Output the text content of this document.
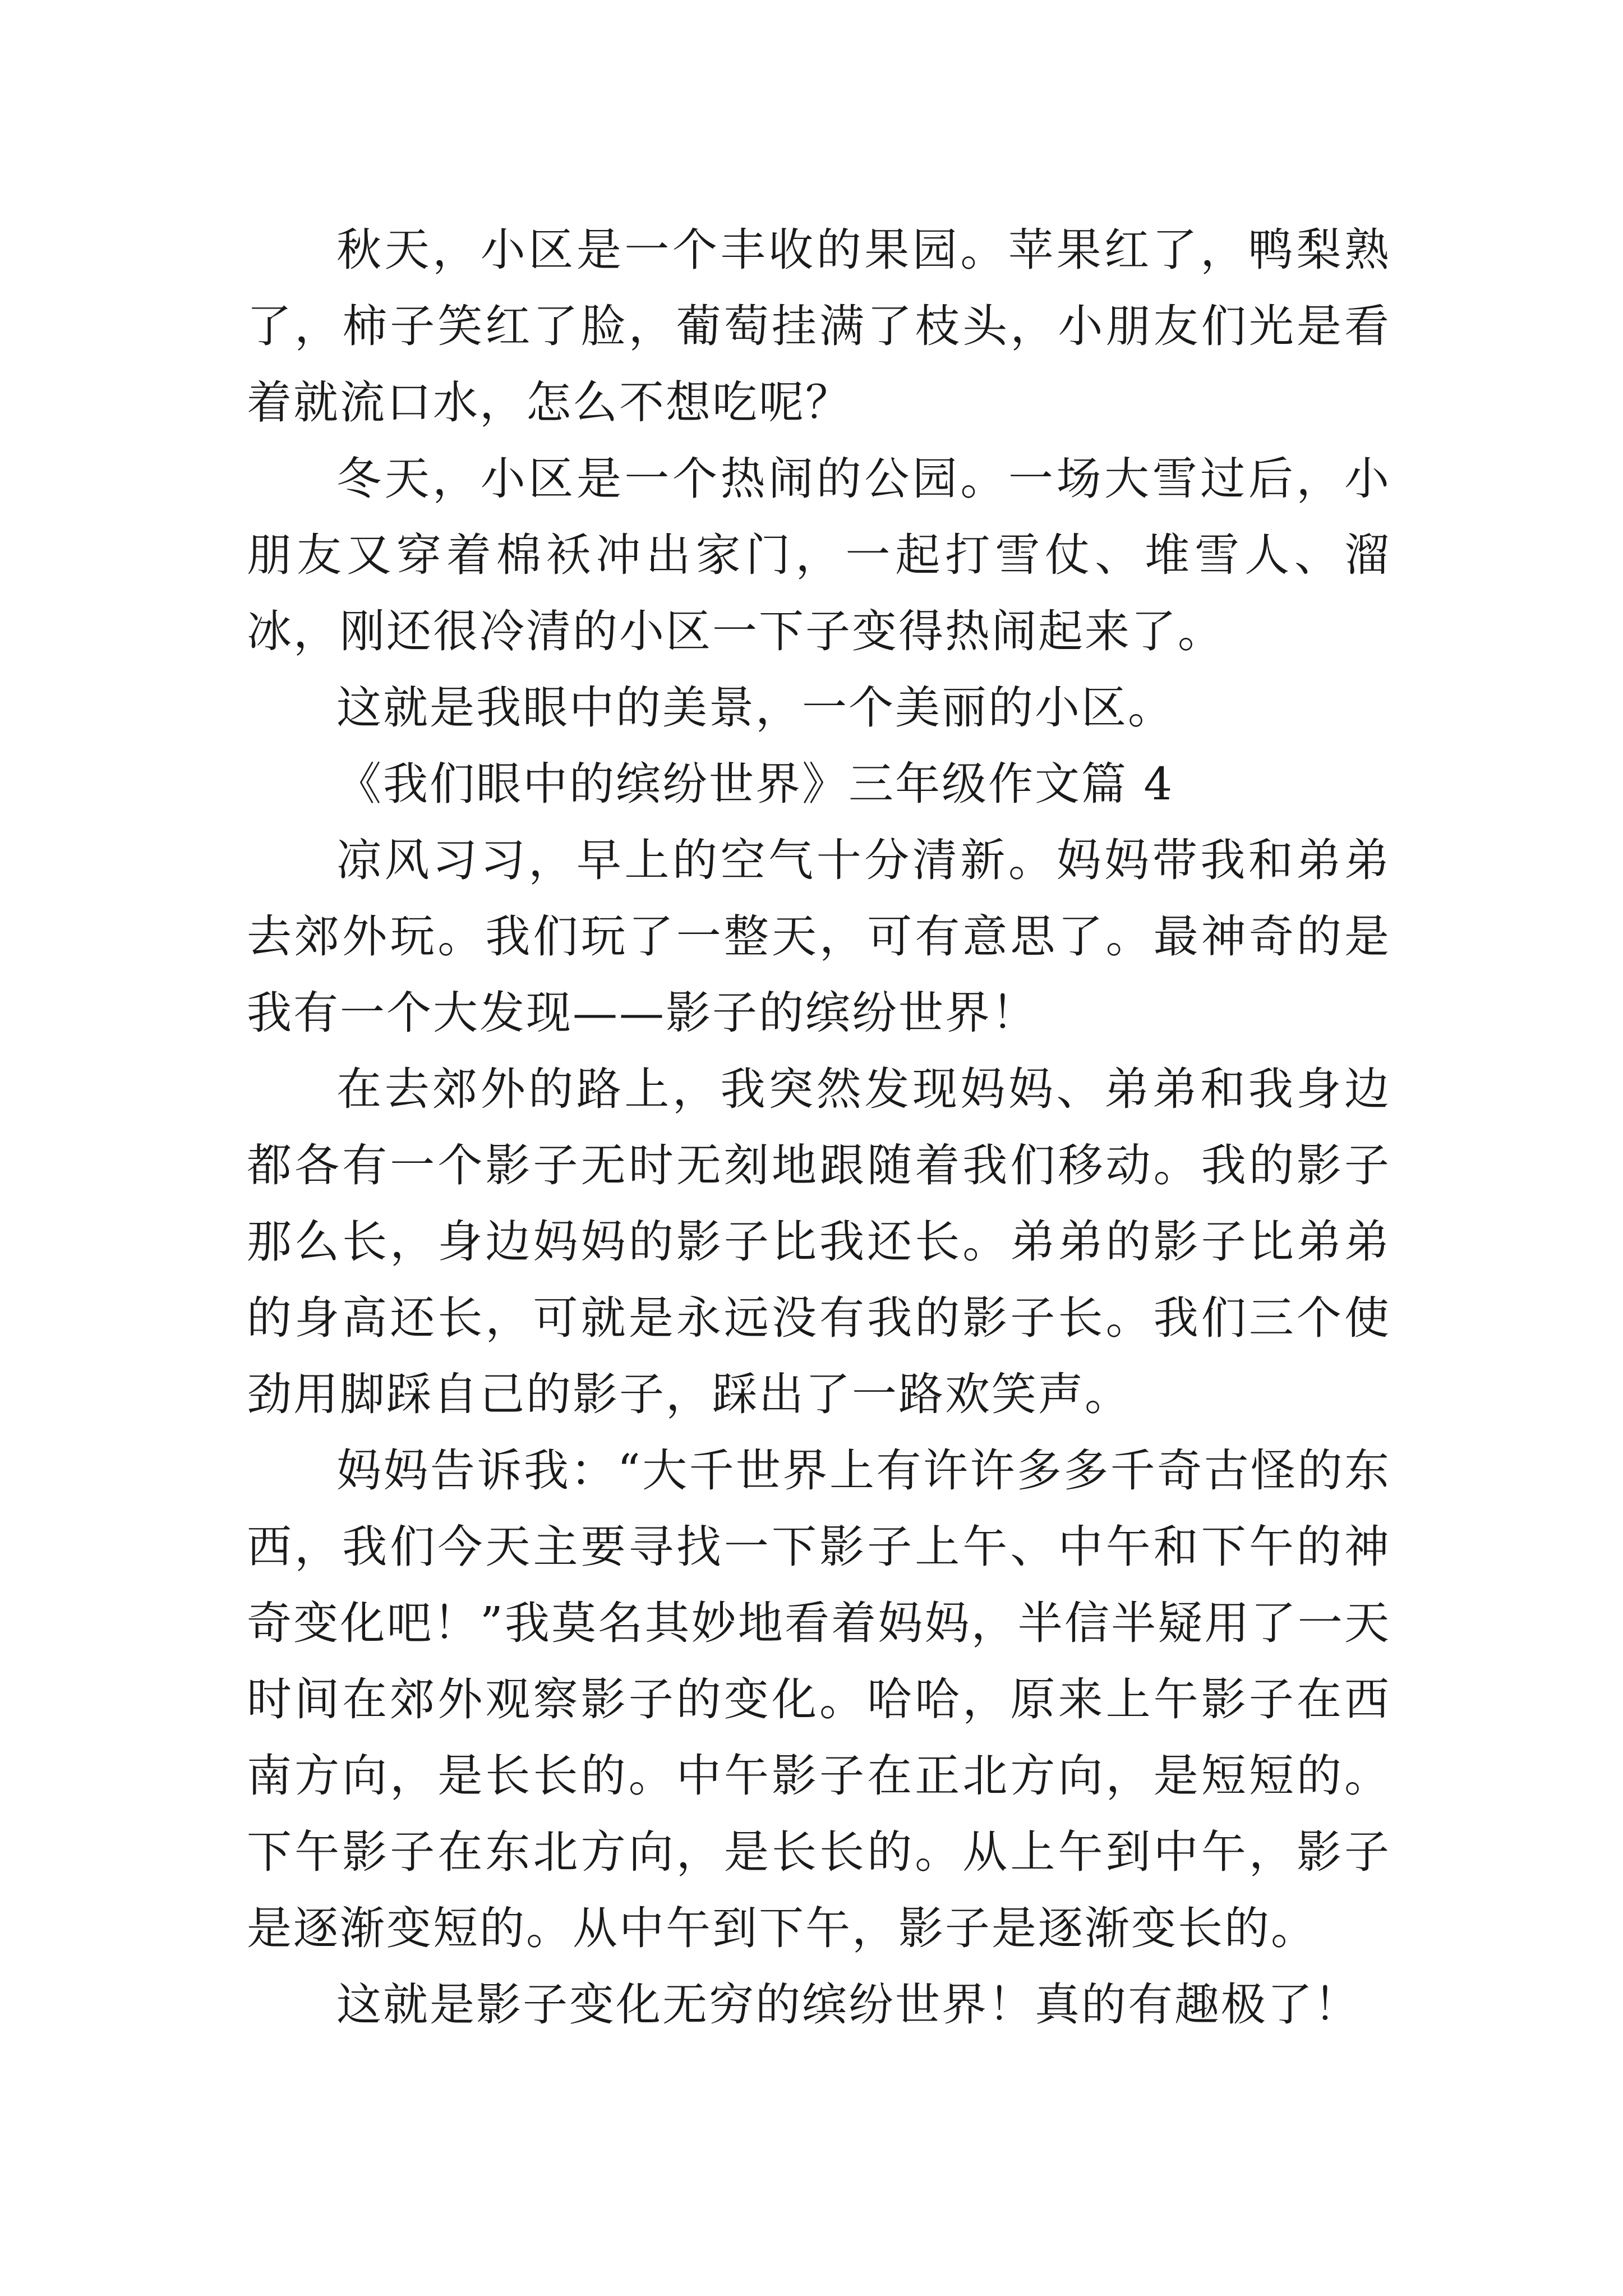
秋天，小区是一个丰收的果园。苹果红了，鸭梨熟了，柿子笑红了脸，葡萄挂满了枝头，小朋友们光是看着就流口水，怎么不想吃呢？

冬天，小区是一个热闹的公园。一场大雪过后，小朋友又穿着棉袄冲出家门，一起打雪仗、堆雪人、溜冰，刚还很冷清的小区一下子变得热闹起来了。

这就是我眼中的美景，一个美丽的小区。

《我们眼中的缤纷世界》三年级作文篇 4

凉风习习，早上的空气十分清新。妈妈带我和弟弟去郊外玩。我们玩了一整天，可有意思了。最神奇的是我有一个大发现——影子的缤纷世界！

在去郊外的路上，我突然发现妈妈、弟弟和我身边都各有一个影子无时无刻地跟随着我们移动。我的影子那么长，身边妈妈的影子比我还长。弟弟的影子比弟弟的身高还长，可就是永远没有我的影子长。我们三个使劲用脚踩自己的影子，踩出了一路欢笑声。

妈妈告诉我：“大千世界上有许许多多千奇古怪的东西，我们今天主要寻找一下影子上午、中午和下午的神奇变化吧！”我莫名其妙地看着妈妈，半信半疑用了一天时间在郊外观察影子的变化。哈哈，原来上午影子在西南方向，是长长的。中午影子在正北方向，是短短的。下午影子在东北方向，是长长的。从上午到中午，影子是逐渐变短的。从中午到下午，影子是逐渐变长的。

这就是影子变化无穷的缤纷世界！真的有趣极了！
